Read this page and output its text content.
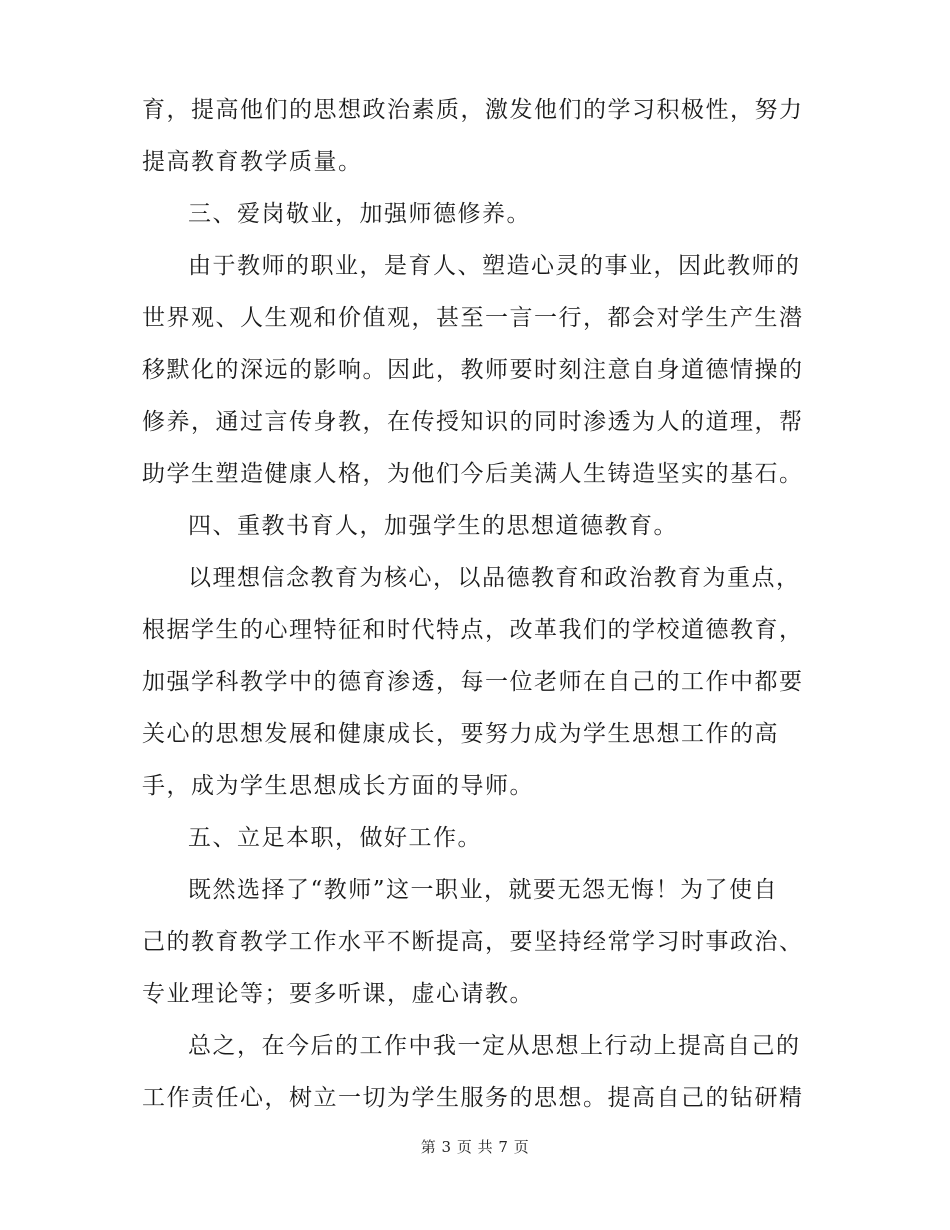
育，提高他们的思想政治素质，激发他们的学习积极性，努力
提高教育教学质量。
三、爱岗敬业，加强师德修养。
由于教师的职业，是育人、塑造心灵的事业，因此教师的
世界观、人生观和价值观，甚至一言一行，都会对学生产生潜
移默化的深远的影响。因此，教师要时刻注意自身道德情操的
修养，通过言传身教，在传授知识的同时渗透为人的道理，帮
助学生塑造健康人格，为他们今后美满人生铸造坚实的基石。
四、重教书育人，加强学生的思想道德教育。
以理想信念教育为核心，以品德教育和政治教育为重点，
根据学生的心理特征和时代特点，改革我们的学校道德教育，
加强学科教学中的德育渗透，每一位老师在自己的工作中都要
关心的思想发展和健康成长，要努力成为学生思想工作的高
手，成为学生思想成长方面的导师。
五、立足本职，做好工作。
既然选择了“教师”这一职业，就要无怨无悔！为了使自
己的教育教学工作水平不断提高，要坚持经常学习时事政治、
专业理论等；要多听课，虚心请教。
总之，在今后的工作中我一定从思想上行动上提高自己的
工作责任心，树立一切为学生服务的思想。提高自己的钻研精
第 3 页 共 7 页
